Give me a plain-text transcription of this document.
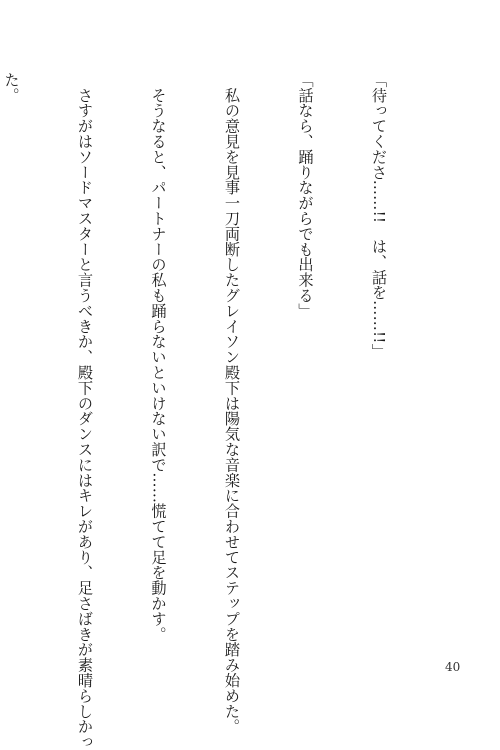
「待ってくださ……!!　は、話を……!!」

「話なら、踊りながらでも出来る」

　私の意見を見事一刀両断したグレイソン殿下は陽気な音楽に合わせてステップを踏み始めた。

　そうなると、パートナーの私も踊らないといけない訳で……慌てて足を動かす。

　さすがはソードマスターと言うべきか、殿下のダンスにはキレがあり、足さばきが素晴らしかっ

た。

40
